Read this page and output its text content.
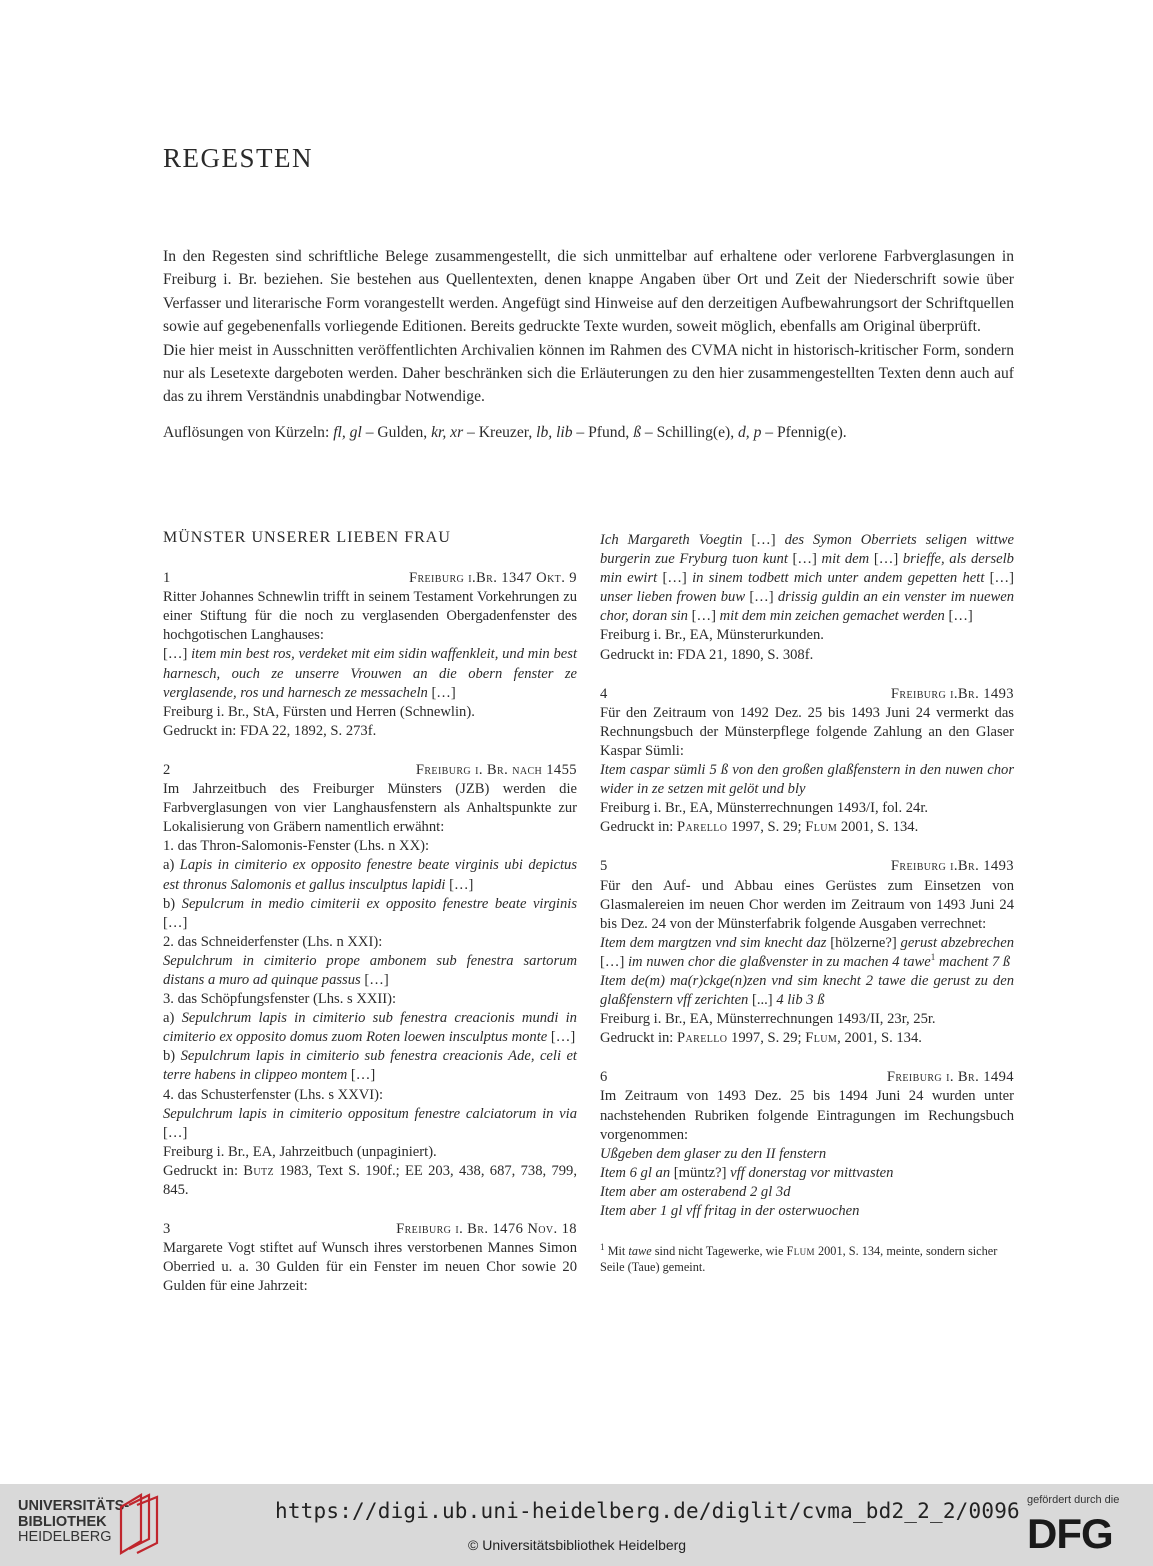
REGESTEN

In den Regesten sind schriftliche Belege zusammengestellt, die sich unmittelbar auf erhaltene oder verlorene Farbverglasungen in Freiburg i. Br. beziehen. Sie bestehen aus Quellentexten, denen knappe Angaben über Ort und Zeit der Niederschrift sowie über Verfasser und literarische Form vorangestellt werden. Angefügt sind Hinweise auf den derzeitigen Aufbewahrungsort der Schriftquellen sowie auf gegebenenfalls vorliegende Editionen. Bereits gedruckte Texte wurden, soweit möglich, ebenfalls am Original überprüft.

Die hier meist in Ausschnitten veröffentlichten Archivalien können im Rahmen des CVMA nicht in historisch-kritischer Form, sondern nur als Lesetexte dargeboten werden. Daher beschränken sich die Erläuterungen zu den hier zusammengestellten Texten denn auch auf das zu ihrem Verständnis unabdingbar Notwendige.

Auflösungen von Kürzeln: fl, gl – Gulden, kr, xr – Kreuzer, lb, lib – Pfund, ß – Schilling(e), d, p – Pfennig(e).

MÜNSTER UNSERER LIEBEN FRAU
1	Freiburg i.Br. 1347 Okt. 9
Ritter Johannes Schnewlin trifft in seinem Testament Vorkehrungen zu einer Stiftung für die noch zu verglasenden Obergadenfenster des hochgotischen Langhauses:
[…] item min best ros, verdeket mit eim sidin waffenkleit, und min best harnesch, ouch ze unserre Vrouwen an die obern fenster ze verglasende, ros und harnesch ze messacheln […]
Freiburg i. Br., StA, Fürsten und Herren (Schnewlin).
Gedruckt in: FDA 22, 1892, S. 273f.
2	Freiburg i. Br. nach 1455
Im Jahrzeitbuch des Freiburger Münsters (JZB) werden die Farbverglasungen von vier Langhausfenstern als Anhaltspunkte zur Lokalisierung von Gräbern namentlich erwähnt:
1. das Thron-Salomonis-Fenster (Lhs. n XX):
a) Lapis in cimiterio ex opposito fenestre beate virginis ubi depictus est thronus Salomonis et gallus insculptus lapidi […]
b) Sepulcrum in medio cimiterii ex opposito fenestre beate virginis […]
2. das Schneiderfenster (Lhs. n XXI):
Sepulchrum in cimiterio prope ambonem sub fenestra sartorum distans a muro ad quinque passus […]
3. das Schöpfungsfenster (Lhs. s XXII):
a) Sepulchrum lapis in cimiterio sub fenestra creacionis mundi in cimiterio ex opposito domus zuom Roten loewen insculptus monte […]
b) Sepulchrum lapis in cimiterio sub fenestra creacionis Ade, celi et terre habens in clippeo montem […]
4. das Schusterfenster (Lhs. s XXVI):
Sepulchrum lapis in cimiterio oppositum fenestre calciatorum in via […]
Freiburg i. Br., EA, Jahrzeitbuch (unpaginiert).
Gedruckt in: Butz 1983, Text S. 190f.; EE 203, 438, 687, 738, 799, 845.
3	Freiburg i. Br. 1476 Nov. 18
Margarete Vogt stiftet auf Wunsch ihres verstorbenen Mannes Simon Oberried u. a. 30 Gulden für ein Fenster im neuen Chor sowie 20 Gulden für eine Jahrzeit:
Ich Margareth Voegtin […] des Symon Oberriets seligen wittwe burgerin zue Fryburg tuon kunt […] mit dem […] brieffe, als derselb min ewirt […] in sinem todbett mich unter andem gepetten hett […] unser lieben frowen buw […] drissig guldin an ein venster im nuewen chor, doran sin […] mit dem min zeichen gemachet werden […]
Freiburg i. Br., EA, Münsterurkunden.
Gedruckt in: FDA 21, 1890, S. 308f.
4	Freiburg i.Br. 1493
Für den Zeitraum von 1492 Dez. 25 bis 1493 Juni 24 vermerkt das Rechnungsbuch der Münsterpflege folgende Zahlung an den Glaser Kaspar Sümli:
Item caspar sümli 5 ß von den großen glaßfenstern in den nuwen chor wider in ze setzen mit gelöt und bly
Freiburg i. Br., EA, Münsterrechnungen 1493/I, fol. 24r.
Gedruckt in: Parello 1997, S. 29; Flum 2001, S. 134.
5	Freiburg i.Br. 1493
Für den Auf- und Abbau eines Gerüstes zum Einsetzen von Glasmalereien im neuen Chor werden im Zeitraum von 1493 Juni 24 bis Dez. 24 von der Münsterfabrik folgende Ausgaben verrechnet:
Item dem margtzen vnd sim knecht daz [hölzerne?] gerust abzebrechen […] im nuwen chor die glaßvenster in zu machen 4 tawe$^1$ machent 7 ß
Item de(m) ma(r)ckge(n)zen vnd sim knecht 2 tawe die gerust zu den glaßfenstern vff zerichten [...] 4 lib 3 ß
Freiburg i. Br., EA, Münsterrechnungen 1493/II, 23r, 25r.
Gedruckt in: Parello 1997, S. 29; Flum, 2001, S. 134.
6	Freiburg i. Br. 1494
Im Zeitraum von 1493 Dez. 25 bis 1494 Juni 24 wurden unter nachstehenden Rubriken folgende Eintragungen im Rechungsbuch vorgenommen:
Ußgeben dem glaser zu den II fenstern
Item 6 gl an [müntz?] vff donerstag vor mittvasten
Item aber am osterabend 2 gl 3d
Item aber 1 gl vff fritag in der osterwuochen
$^1$ Mit tawe sind nicht Tagewerke, wie Flum 2001, S. 134, meinte, sondern sicher Seile (Taue) gemeint.
UNIVERSITÄTS-
BIBLIOTHEK
HEIDELBERG
https://digi.ub.uni-heidelberg.de/diglit/cvma_bd2_2_2/0096
© Universitätsbibliothek Heidelberg
gefördert durch die
DFG
